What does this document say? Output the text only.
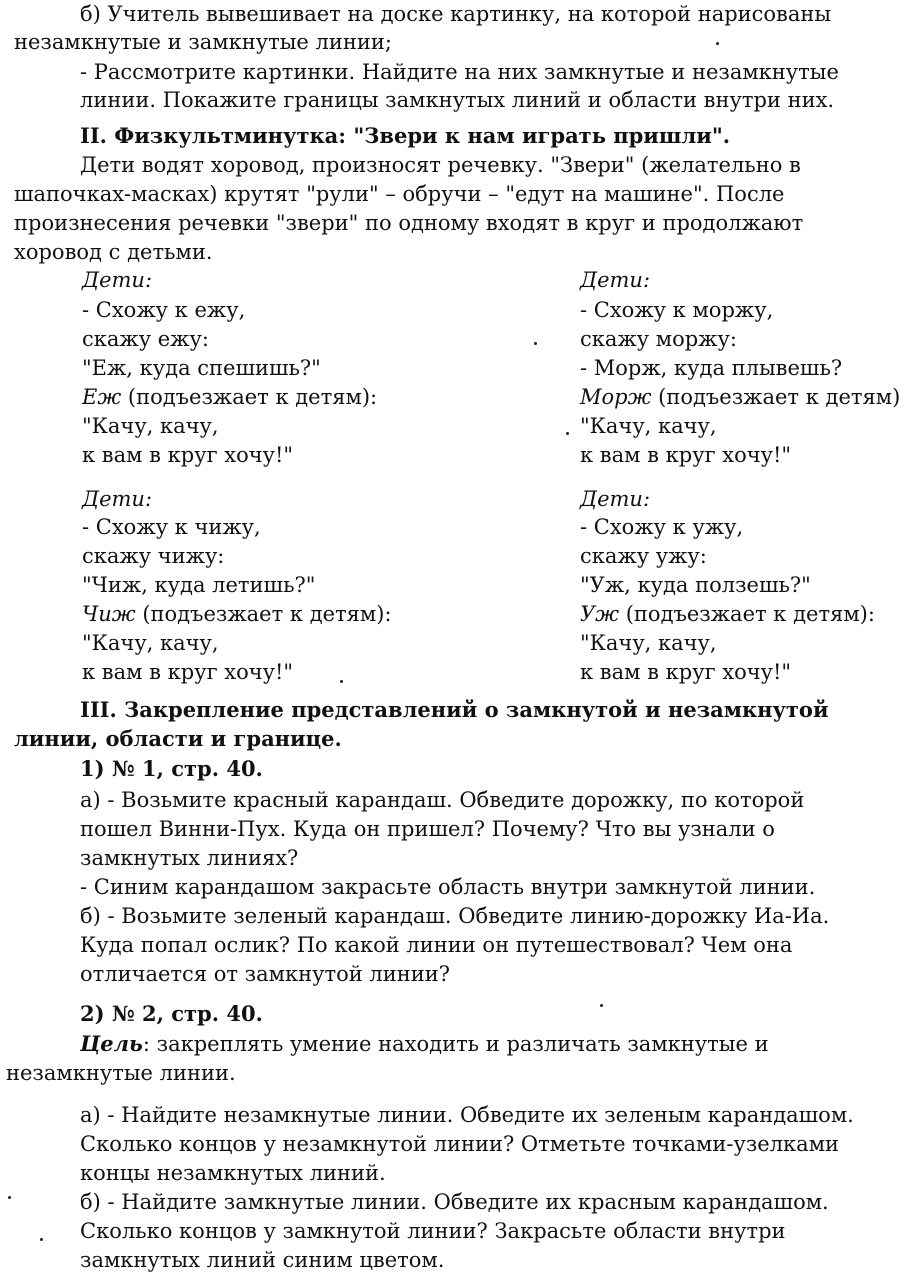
б) Учитель вывешивает на доске картинку, на которой нарисованы
незамкнутые и замкнутые линии;
- Рассмотрите картинки. Найдите на них замкнутые и незамкнутые
линии. Покажите границы замкнутых линий и области внутри них.
II. Физкультминутка: "Звери к нам играть пришли".
Дети водят хоровод, произносят речевку. "Звери" (желательно в
шапочках-масках) крутят "рули" – обручи – "едут на машине". После
произнесения речевки "звери" по одному входят в круг и продолжают
хоровод с детьми.
Дети:
- Схожу к ежу,
скажу ежу:
"Еж, куда спешишь?"
Еж (подъезжает к детям):
"Качу, качу,
к вам в круг хочу!"
Дети:
- Схожу к чижу,
скажу чижу:
"Чиж, куда летишь?"
Чиж (подъезжает к детям):
"Качу, качу,
к вам в круг хочу!"
Дети:
- Схожу к моржу,
скажу моржу:
- Морж, куда плывешь?
Морж (подъезжает к детям)
"Качу, качу,
к вам в круг хочу!"
Дети:
- Схожу к ужу,
скажу ужу:
"Уж, куда ползешь?"
Уж (подъезжает к детям):
"Качу, качу,
к вам в круг хочу!"
III. Закрепление представлений о замкнутой и незамкнутой
линии, области и границе.
1) № 1, стр. 40.
а) - Возьмите красный карандаш. Обведите дорожку, по которой
пошел Винни-Пух. Куда он пришел? Почему? Что вы узнали о
замкнутых линиях?
- Синим карандашом закрасьте область внутри замкнутой линии.
б) - Возьмите зеленый карандаш. Обведите линию-дорожку Иа-Иа.
Куда попал ослик? По какой линии он путешествовал? Чем она
отличается от замкнутой линии?
2) № 2, стр. 40.
Цель: закреплять умение находить и различать замкнутые и
незамкнутые линии.
а) - Найдите незамкнутые линии. Обведите их зеленым карандашом.
Сколько концов у незамкнутой линии? Отметьте точками-узелками
концы незамкнутых линий.
б) - Найдите замкнутые линии. Обведите их красным карандашом.
Сколько концов у замкнутой линии? Закрасьте области внутри
замкнутых линий синим цветом.
